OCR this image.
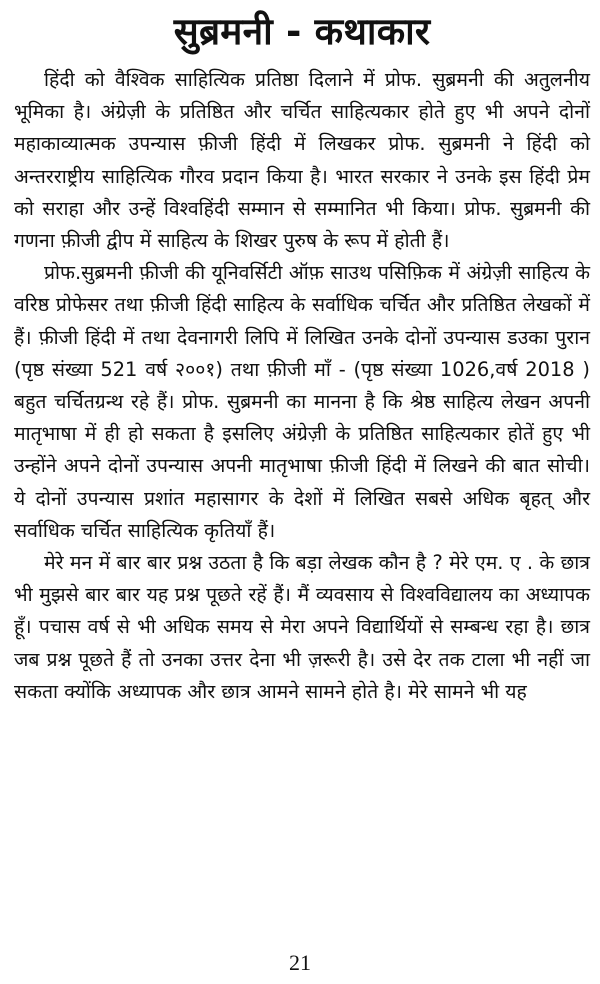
सुब्रमनी - कथाकार

हिंदी को वैश्विक साहित्यिक प्रतिष्ठा दिलाने में प्रोफ. सुब्रमनी की अतुलनीय भूमिका है। अंग्रेज़ी के प्रतिष्ठित और चर्चित साहित्यकार होते हुए भी अपने दोनों महाकाव्यात्मक उपन्यास फ़ीजी हिंदी में लिखकर प्रोफ. सुब्रमनी ने हिंदी को अन्तरराष्ट्रीय साहित्यिक गौरव प्रदान किया है। भारत सरकार ने उनके इस हिंदी प्रेम को सराहा और उन्हें विश्वहिंदी सम्मान से सम्मानित भी किया। प्रोफ. सुब्रमनी की गणना फ़ीजी द्वीप में साहित्य के शिखर पुरुष के रूप में होती हैं।

प्रोफ.सुब्रमनी फ़ीजी की यूनिवर्सिटी ऑफ़ साउथ पसिफ़िक में अंग्रेज़ी साहित्य के वरिष्ठ प्रोफेसर तथा फ़ीजी हिंदी साहित्य के सर्वाधिक चर्चित और प्रतिष्ठित लेखकों में हैं। फ़ीजी हिंदी में तथा देवनागरी लिपि में लिखित उनके दोनों उपन्यास डउका पुरान (पृष्ठ संख्या 521 वर्ष २००१) तथा फ़ीजी माँ - (पृष्ठ संख्या 1026,वर्ष 2018 ) बहुत चर्चितग्रन्थ रहे हैं। प्रोफ. सुब्रमनी का मानना है कि श्रेष्ठ साहित्य लेखन अपनी मातृभाषा में ही हो सकता है इसलिए अंग्रेज़ी के प्रतिष्ठित साहित्यकार होतें हुए भी उन्होंने अपने दोनों उपन्यास अपनी मातृभाषा फ़ीजी हिंदी में लिखने की बात सोची। ये दोनों उपन्यास प्रशांत महासागर के देशों में लिखित सबसे अधिक बृहत् और सर्वाधिक चर्चित साहित्यिक कृतियाँ हैं।

मेरे मन में बार बार प्रश्न उठता है कि बड़ा लेखक कौन है ? मेरे एम. ए . के छात्र भी मुझसे बार बार यह प्रश्न पूछते रहें हैं। मैं व्यवसाय से विश्वविद्यालय का अध्यापक हूँ। पचास वर्ष से भी अधिक समय से मेरा अपने विद्यार्थियों से सम्बन्ध रहा है। छात्र जब प्रश्न पूछते हैं तो उनका उत्तर देना भी ज़रूरी है। उसे देर तक टाला भी नहीं जा सकता क्योंकि अध्यापक और छात्र आमने सामने होते है। मेरे सामने भी यह

21
